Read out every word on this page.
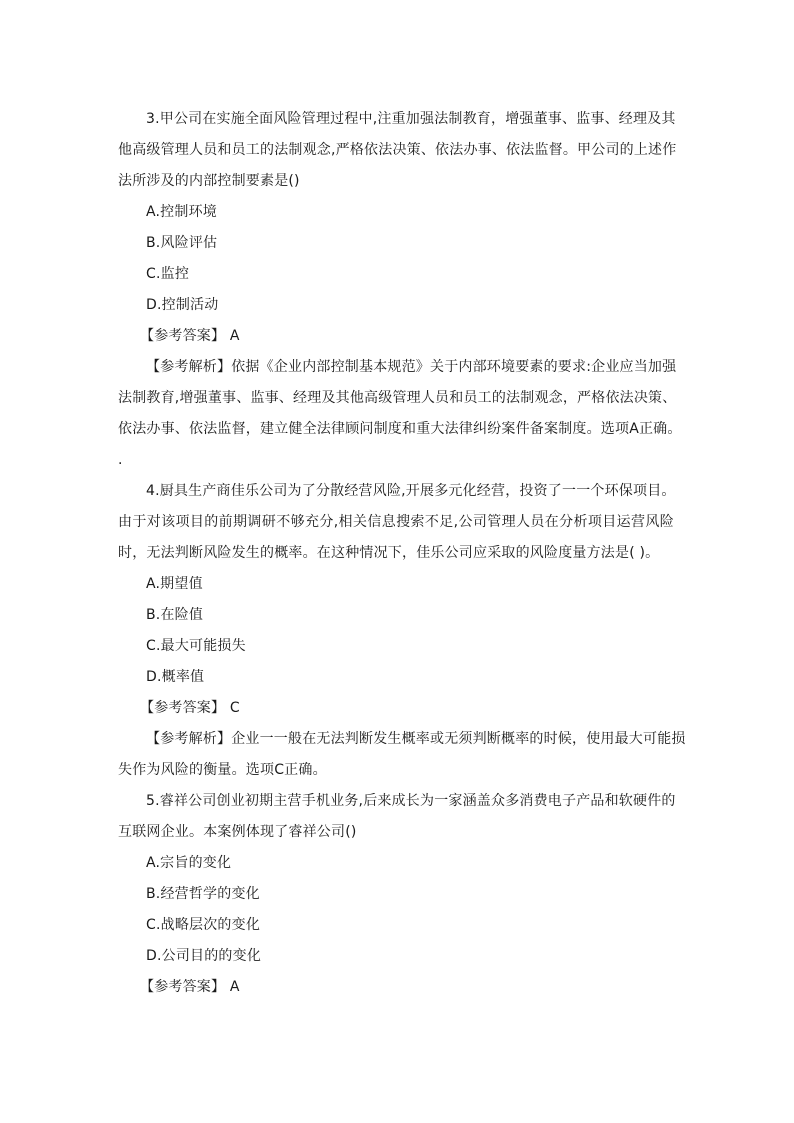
3.甲公司在实施全面风险管理过程中,注重加强法制教育，增强董事、监事、经理及其
他高级管理人员和员工的法制观念,严格依法决策、依法办事、依法监督。甲公司的上述作
法所涉及的内部控制要素是()
A.控制环境
B.风险评估
C.监控
D.控制活动
【参考答案】 A
【参考解析】依据《企业内部控制基本规范》关于内部环境要素的要求:企业应当加强
法制教育,增强董事、监事、经理及其他高级管理人员和员工的法制观念，严格依法决策、
依法办事、依法监督，建立健全法律顾问制度和重大法律纠纷案件备案制度。选项A正确。
.
4.厨具生产商佳乐公司为了分散经营风险,开展多元化经营，投资了一一个环保项目。
由于对该项目的前期调研不够充分,相关信息搜索不足,公司管理人员在分析项目运营风险
时，无法判断风险发生的概率。在这种情况下，佳乐公司应采取的风险度量方法是( )。
A.期望值
B.在险值
C.最大可能损失
D.概率值
【参考答案】 C
【参考解析】企业一一般在无法判断发生概率或无须判断概率的时候，使用最大可能损
失作为风险的衡量。选项C正确。
5.睿祥公司创业初期主营手机业务,后来成长为一家涵盖众多消费电子产品和软硬件的
互联网企业。本案例体现了睿祥公司()
A.宗旨的变化
B.经营哲学的变化
C.战略层次的变化
D.公司目的的变化
【参考答案】 A
